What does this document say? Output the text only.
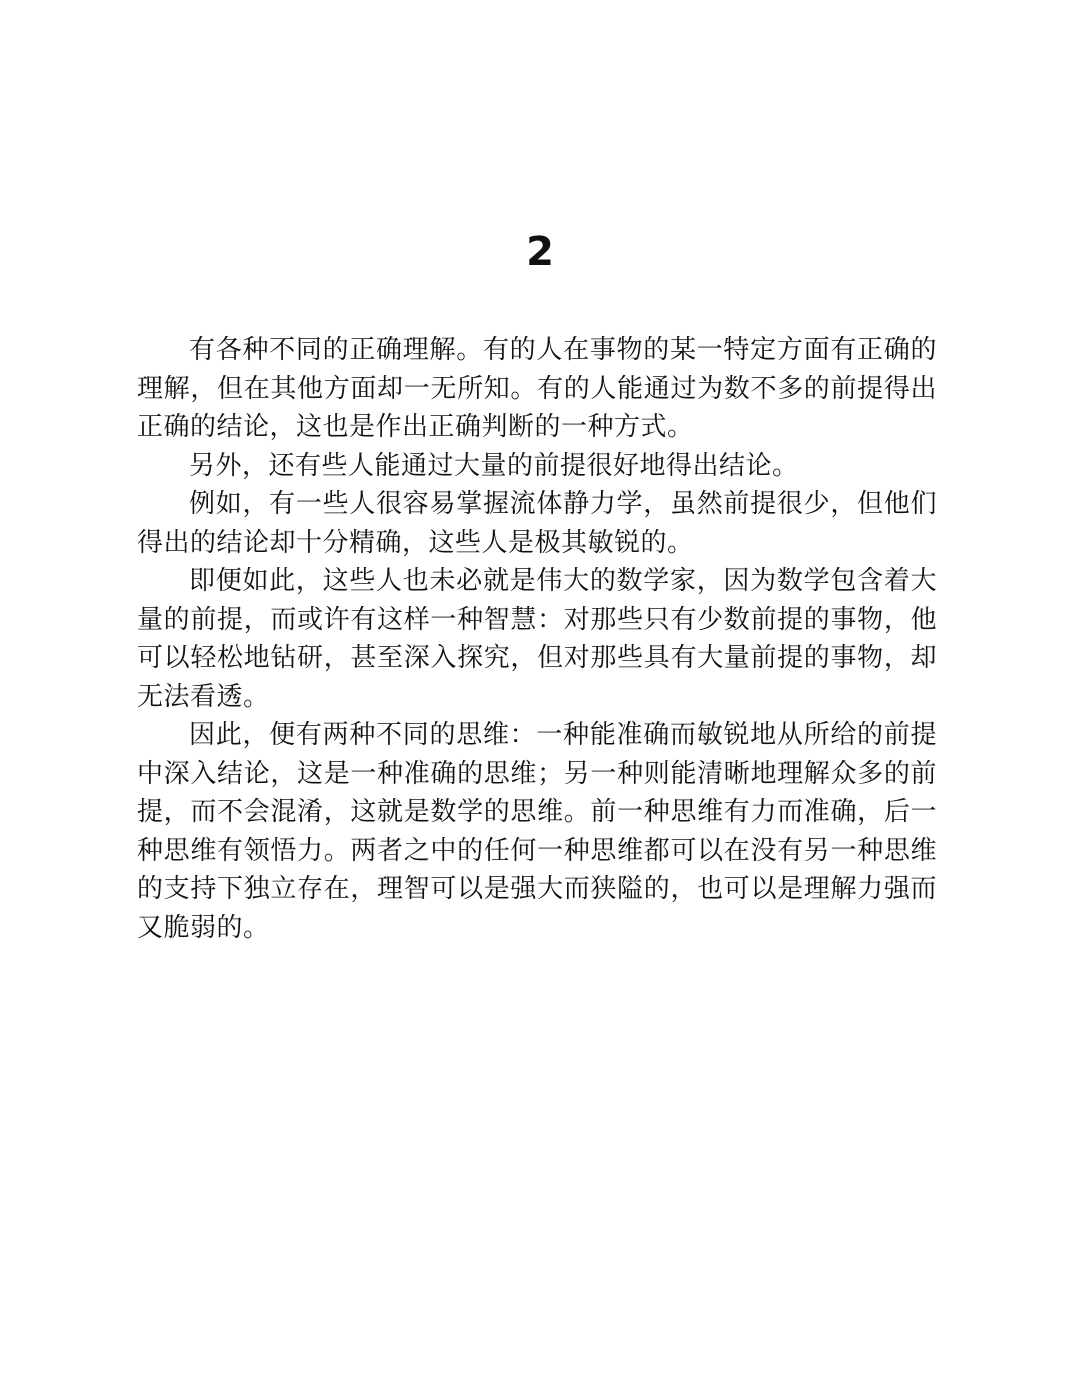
2

有各种不同的正确理解。有的人在事物的某一特定方面有正确的理解，但在其他方面却一无所知。有的人能通过为数不多的前提得出正确的结论，这也是作出正确判断的一种方式。

另外，还有些人能通过大量的前提很好地得出结论。

例如，有一些人很容易掌握流体静力学，虽然前提很少，但他们得出的结论却十分精确，这些人是极其敏锐的。

即便如此，这些人也未必就是伟大的数学家，因为数学包含着大量的前提，而或许有这样一种智慧：对那些只有少数前提的事物，他可以轻松地钻研，甚至深入探究，但对那些具有大量前提的事物，却无法看透。

因此，便有两种不同的思维：一种能准确而敏锐地从所给的前提中深入结论，这是一种准确的思维；另一种则能清晰地理解众多的前提，而不会混淆，这就是数学的思维。前一种思维有力而准确，后一种思维有领悟力。两者之中的任何一种思维都可以在没有另一种思维的支持下独立存在，理智可以是强大而狭隘的，也可以是理解力强而又脆弱的。
